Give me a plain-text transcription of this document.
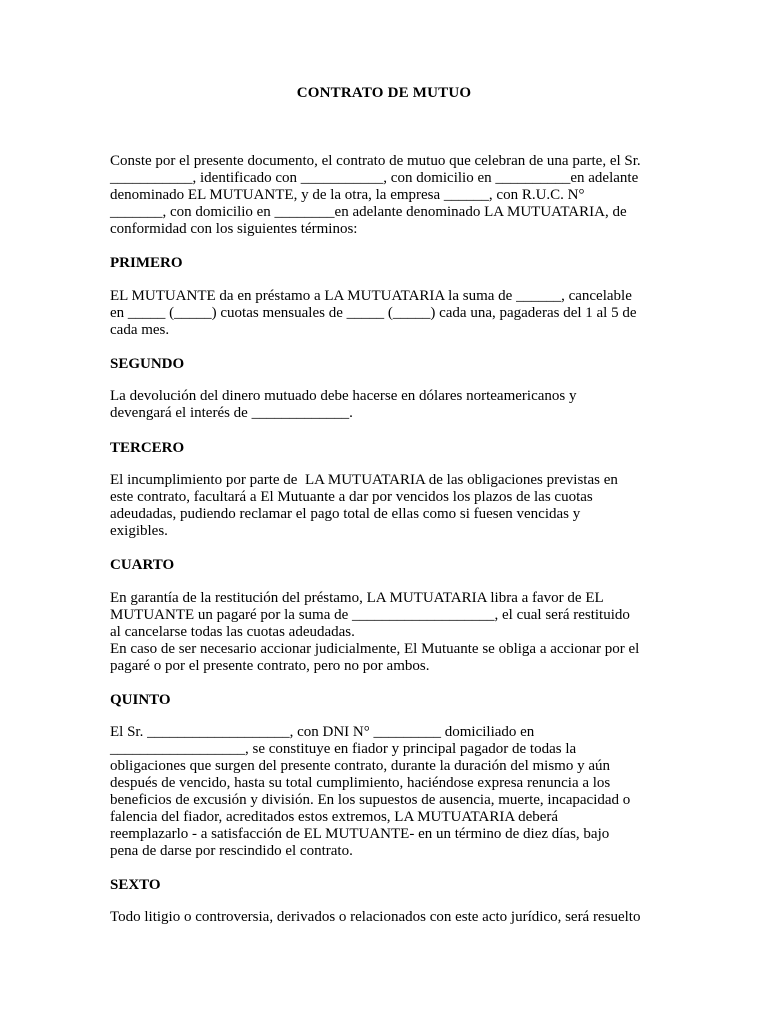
CONTRATO DE MUTUO
Conste por el presente documento, el contrato de mutuo que celebran de una parte, el Sr.
___________, identificado con ___________, con domicilio en __________en adelante
denominado EL MUTUANTE, y de la otra, la empresa ______, con R.U.C. N°
_______, con domicilio en ________en adelante denominado LA MUTUATARIA, de
conformidad con los siguientes términos:
PRIMERO
EL MUTUANTE da en préstamo a LA MUTUATARIA la suma de ______, cancelable
en _____ (_____) cuotas mensuales de _____ (_____) cada una, pagaderas del 1 al 5 de
cada mes.
SEGUNDO
La devolución del dinero mutuado debe hacerse en dólares norteamericanos y
devengará el interés de _____________.
TERCERO
El incumplimiento por parte de  LA MUTUATARIA de las obligaciones previstas en
este contrato, facultará a El Mutuante a dar por vencidos los plazos de las cuotas
adeudadas, pudiendo reclamar el pago total de ellas como si fuesen vencidas y
exigibles.
CUARTO
En garantía de la restitución del préstamo, LA MUTUATARIA libra a favor de EL
MUTUANTE un pagaré por la suma de ___________________, el cual será restituido
al cancelarse todas las cuotas adeudadas.
En caso de ser necesario accionar judicialmente, El Mutuante se obliga a accionar por el
pagaré o por el presente contrato, pero no por ambos.
QUINTO
El Sr. ___________________, con DNI N° _________ domiciliado en
__________________, se constituye en fiador y principal pagador de todas la
obligaciones que surgen del presente contrato, durante la duración del mismo y aún
después de vencido, hasta su total cumplimiento, haciéndose expresa renuncia a los
beneficios de excusión y división. En los supuestos de ausencia, muerte, incapacidad o
falencia del fiador, acreditados estos extremos, LA MUTUATARIA deberá
reemplazarlo - a satisfacción de EL MUTUANTE- en un término de diez días, bajo
pena de darse por rescindido el contrato.
SEXTO
Todo litigio o controversia, derivados o relacionados con este acto jurídico, será resuelto
